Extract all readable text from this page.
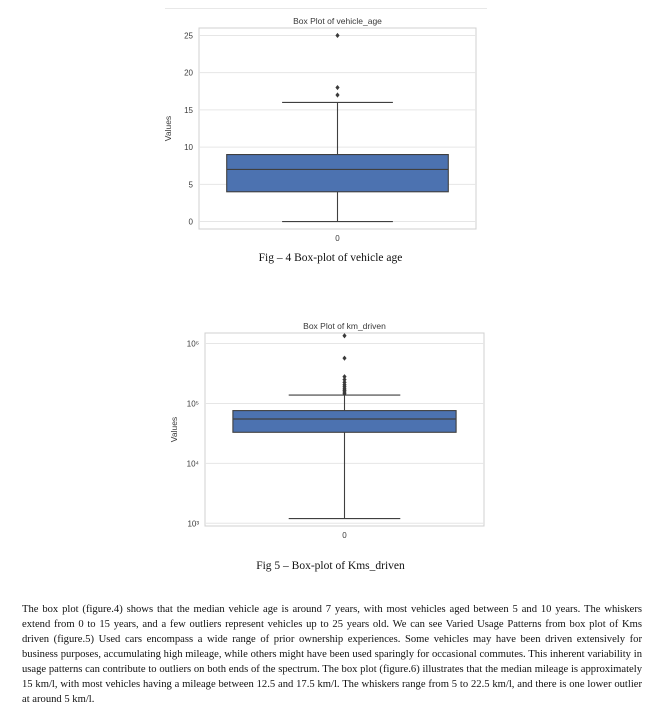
Box Plot of vehicle_age
0
5
10
15
20
25
Values
0
Fig – 4 Box-plot of vehicle age
Box Plot of km_driven
10³
10⁴
10⁵
10⁶
Values
0
Fig 5 – Box-plot of Kms_driven
The box plot (figure.4) shows that the median vehicle age is around 7 years, with most vehicles aged between 5 and 10 years. The whiskers extend from 0 to 15 years, and a few outliers represent vehicles up to 25 years old. We can see Varied Usage Patterns from box plot of Kms driven (figure.5) Used cars encompass a wide range of prior ownership experiences. Some vehicles may have been driven extensively for business purposes, accumulating high mileage, while others might have been used sparingly for occasional commutes. This inherent variability in usage patterns can contribute to outliers on both ends of the spectrum. The box plot (figure.6) illustrates that the median mileage is approximately 15 km/l, with most vehicles having a mileage between 12.5 and 17.5 km/l. The whiskers range from 5 to 22.5 km/l, and there is one lower outlier at around 5 km/l.
